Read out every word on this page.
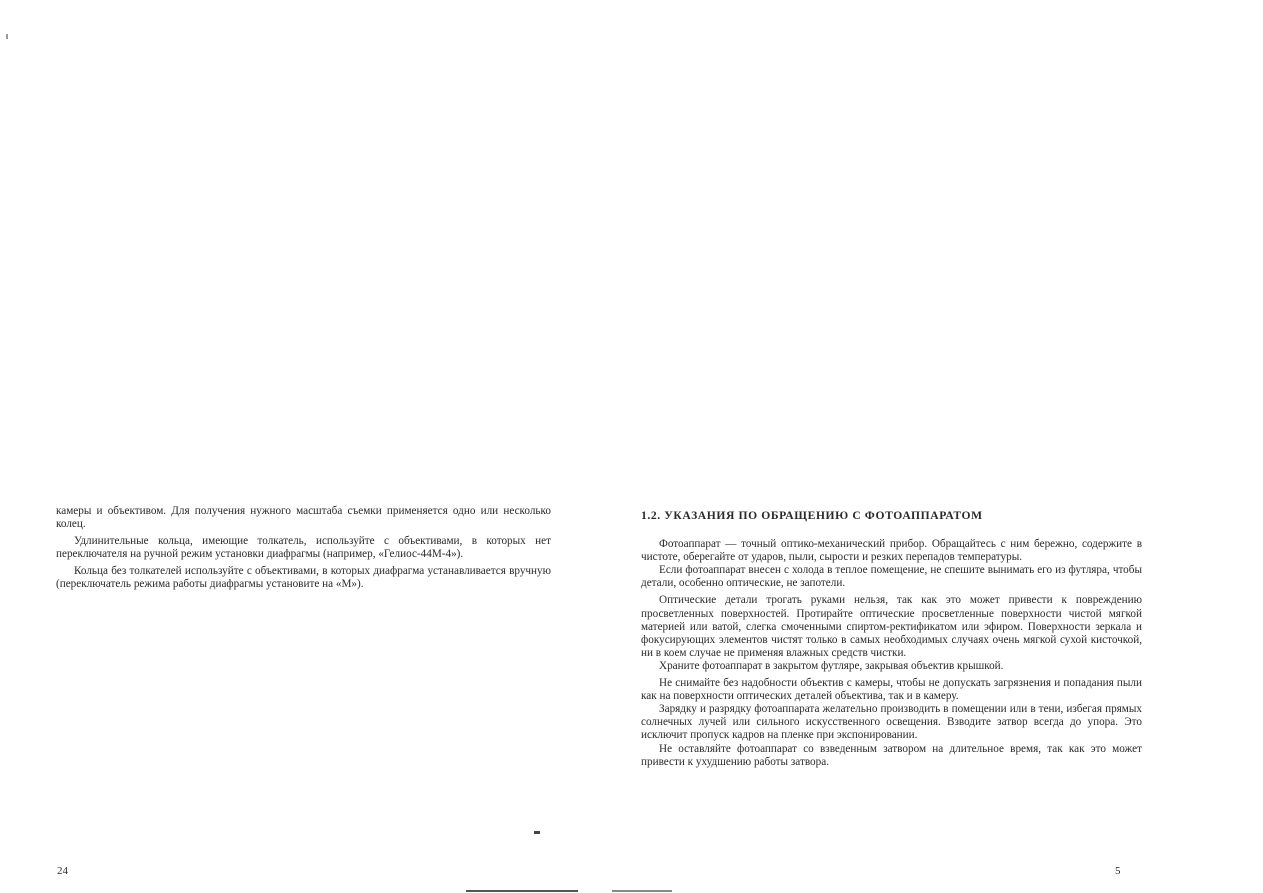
камеры и объективом. Для получения нужного масштаба съемки применяется одно или несколько колец.

Удлинительные кольца, имеющие толкатель, используйте с объективами, в которых нет переключателя на ручной режим установки диафрагмы (например, «Гелиос-44М-4»).

Кольца без толкателей используйте с объективами, в которых диафрагма устанавливается вручную (переключатель режима работы диафрагмы установите на «М»).

24

1.2. УКАЗАНИЯ ПО ОБРАЩЕНИЮ С ФОТОАППАРАТОМ

Фотоаппарат — точный оптико-механический прибор. Обращайтесь с ним бережно, содержите в чистоте, оберегайте от ударов, пыли, сырости и резких перепадов температуры.

Если фотоаппарат внесен с холода в теплое помещение, не спешите вынимать его из футляра, чтобы детали, особенно оптические, не запотели.

Оптические детали трогать руками нельзя, так как это может привести к повреждению просветленных поверхностей. Протирайте оптические просветленные поверхности чистой мягкой материей или ватой, слегка смоченными спиртом-ректификатом или эфиром. Поверхности зеркала и фокусирующих элементов чистят только в самых необходимых случаях очень мягкой сухой кисточкой, ни в коем случае не применяя влажных средств чистки.

Храните фотоаппарат в закрытом футляре, закрывая объектив крышкой.

Не снимайте без надобности объектив с камеры, чтобы не допускать загрязнения и попадания пыли как на поверхности оптических деталей объектива, так и в камеру.

Зарядку и разрядку фотоаппарата желательно производить в помещении или в тени, избегая прямых солнечных лучей или сильного искусственного освещения. Взводите затвор всегда до упора. Это исключит пропуск кадров на пленке при экспонировании.

Не оставляйте фотоаппарат со взведенным затвором на длительное время, так как это может привести к ухудшению работы затвора.

5
